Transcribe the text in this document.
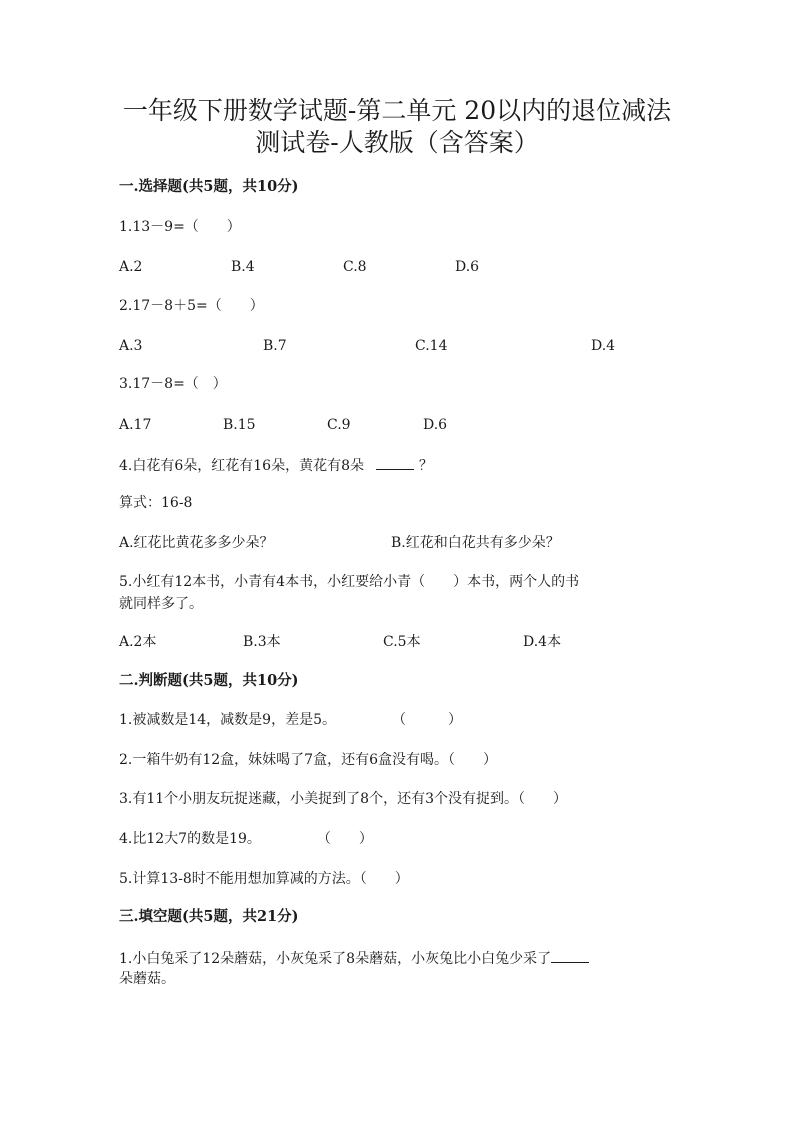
一年级下册数学试题-第二单元 20以内的退位减法
测试卷-人教版（含答案）
一.选择题(共5题，共10分)
1.13－9=（　　）
A.2	B.4	C.8	D.6
2.17－8＋5=（　　）
A.3	B.7	C.14	D.4
3.17－8=（　）
A.17	B.15	C.9	D.6
4.白花有6朵，红花有16朵，黄花有8朵	？
算式：16-8
A.红花比黄花多多少朵？	B.红花和白花共有多少朵？
5.小红有12本书，小青有4本书，小红要给小青（　　）本书，两个人的书
就同样多了。
A.2本	B.3本	C.5本	D.4本
二.判断题(共5题，共10分)
1.被减数是14，减数是9，差是5。　　　　　（　　　）
2.一箱牛奶有12盒，妹妹喝了7盒，还有6盒没有喝。（　　）
3.有11个小朋友玩捉迷藏，小美捉到了8个，还有3个没有捉到。（　　）
4.比12大7的数是19。　　　　　（　　）
5.计算13-8时不能用想加算减的方法。（　　）
三.填空题(共5题，共21分)
1.小白兔采了12朵蘑菇，小灰兔采了8朵蘑菇，小灰兔比小白兔少采了
朵蘑菇。
